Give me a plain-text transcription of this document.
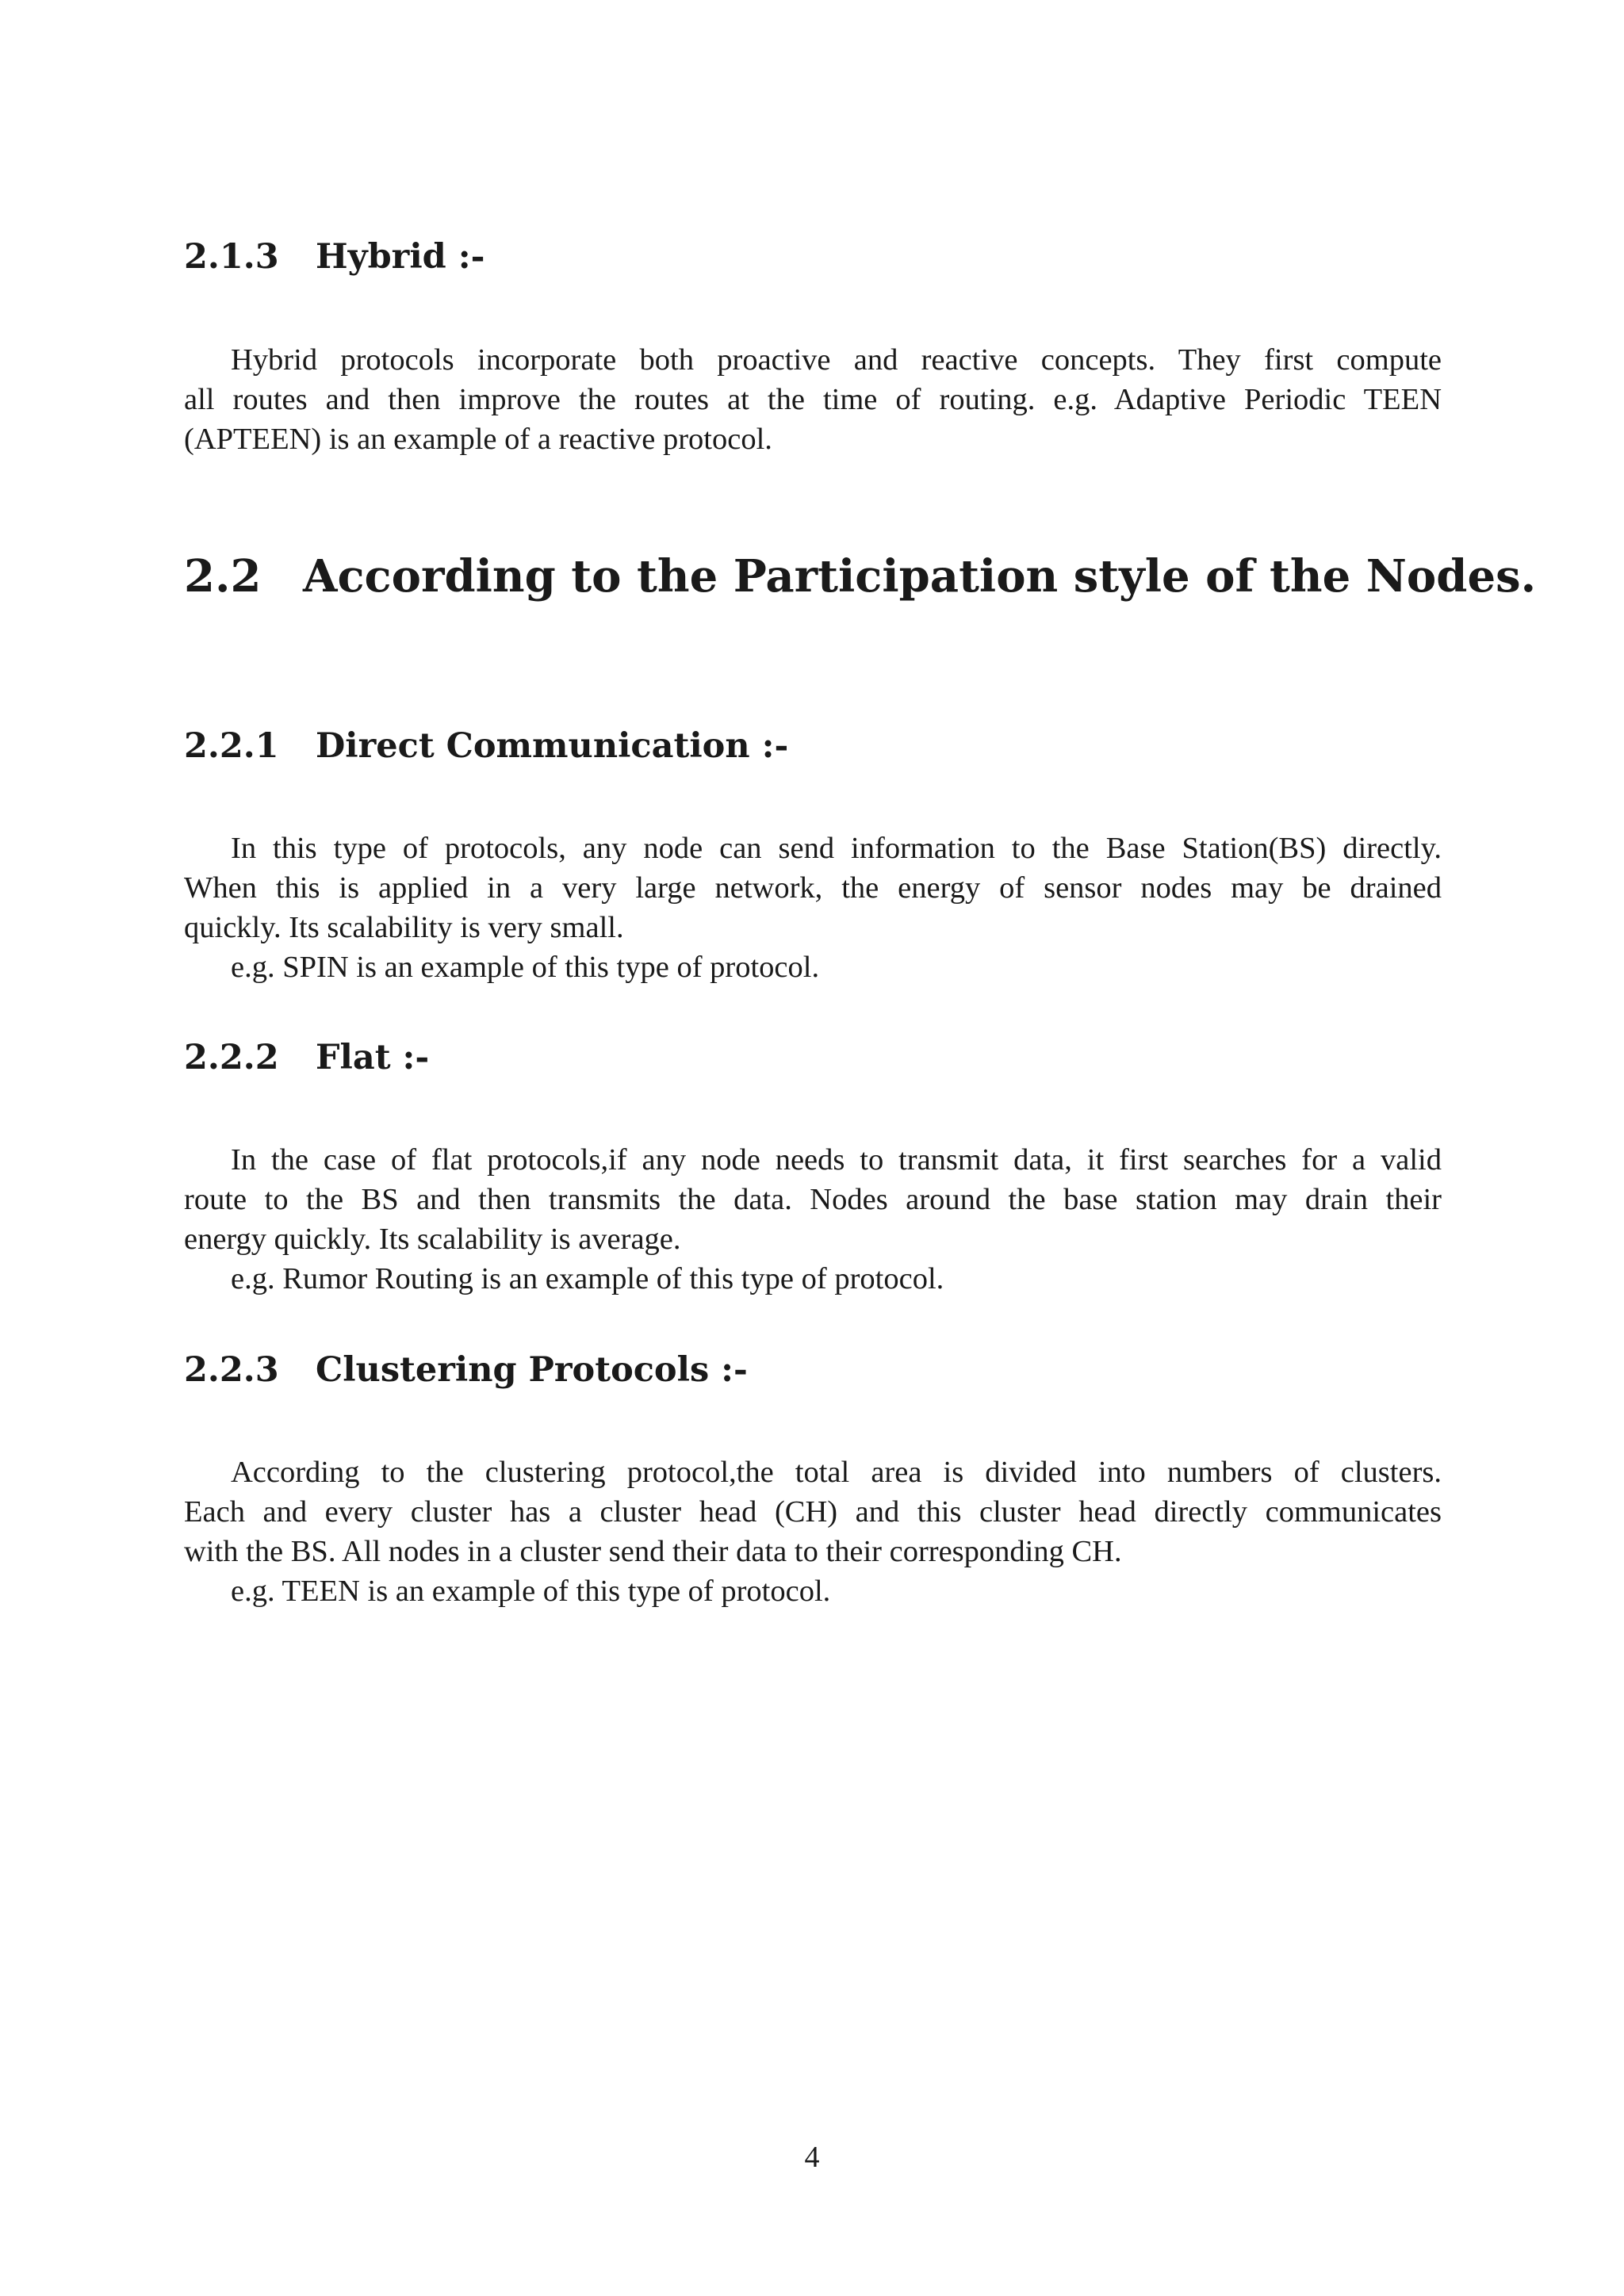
2.1.3 Hybrid :-
Hybrid protocols incorporate both proactive and reactive concepts. They first compute
all routes and then improve the routes at the time of routing. e.g. Adaptive Periodic TEEN
(APTEEN) is an example of a reactive protocol.
2.2 According to the Participation style of the Nodes.
2.2.1 Direct Communication :-
In this type of protocols, any node can send information to the Base Station(BS) directly.
When this is applied in a very large network, the energy of sensor nodes may be drained
quickly. Its scalability is very small.
e.g. SPIN is an example of this type of protocol.
2.2.2 Flat :-
In the case of flat protocols,if any node needs to transmit data, it first searches for a valid
route to the BS and then transmits the data. Nodes around the base station may drain their
energy quickly. Its scalability is average.
e.g. Rumor Routing is an example of this type of protocol.
2.2.3 Clustering Protocols :-
According to the clustering protocol,the total area is divided into numbers of clusters.
Each and every cluster has a cluster head (CH) and this cluster head directly communicates
with the BS. All nodes in a cluster send their data to their corresponding CH.
e.g. TEEN is an example of this type of protocol.
4
